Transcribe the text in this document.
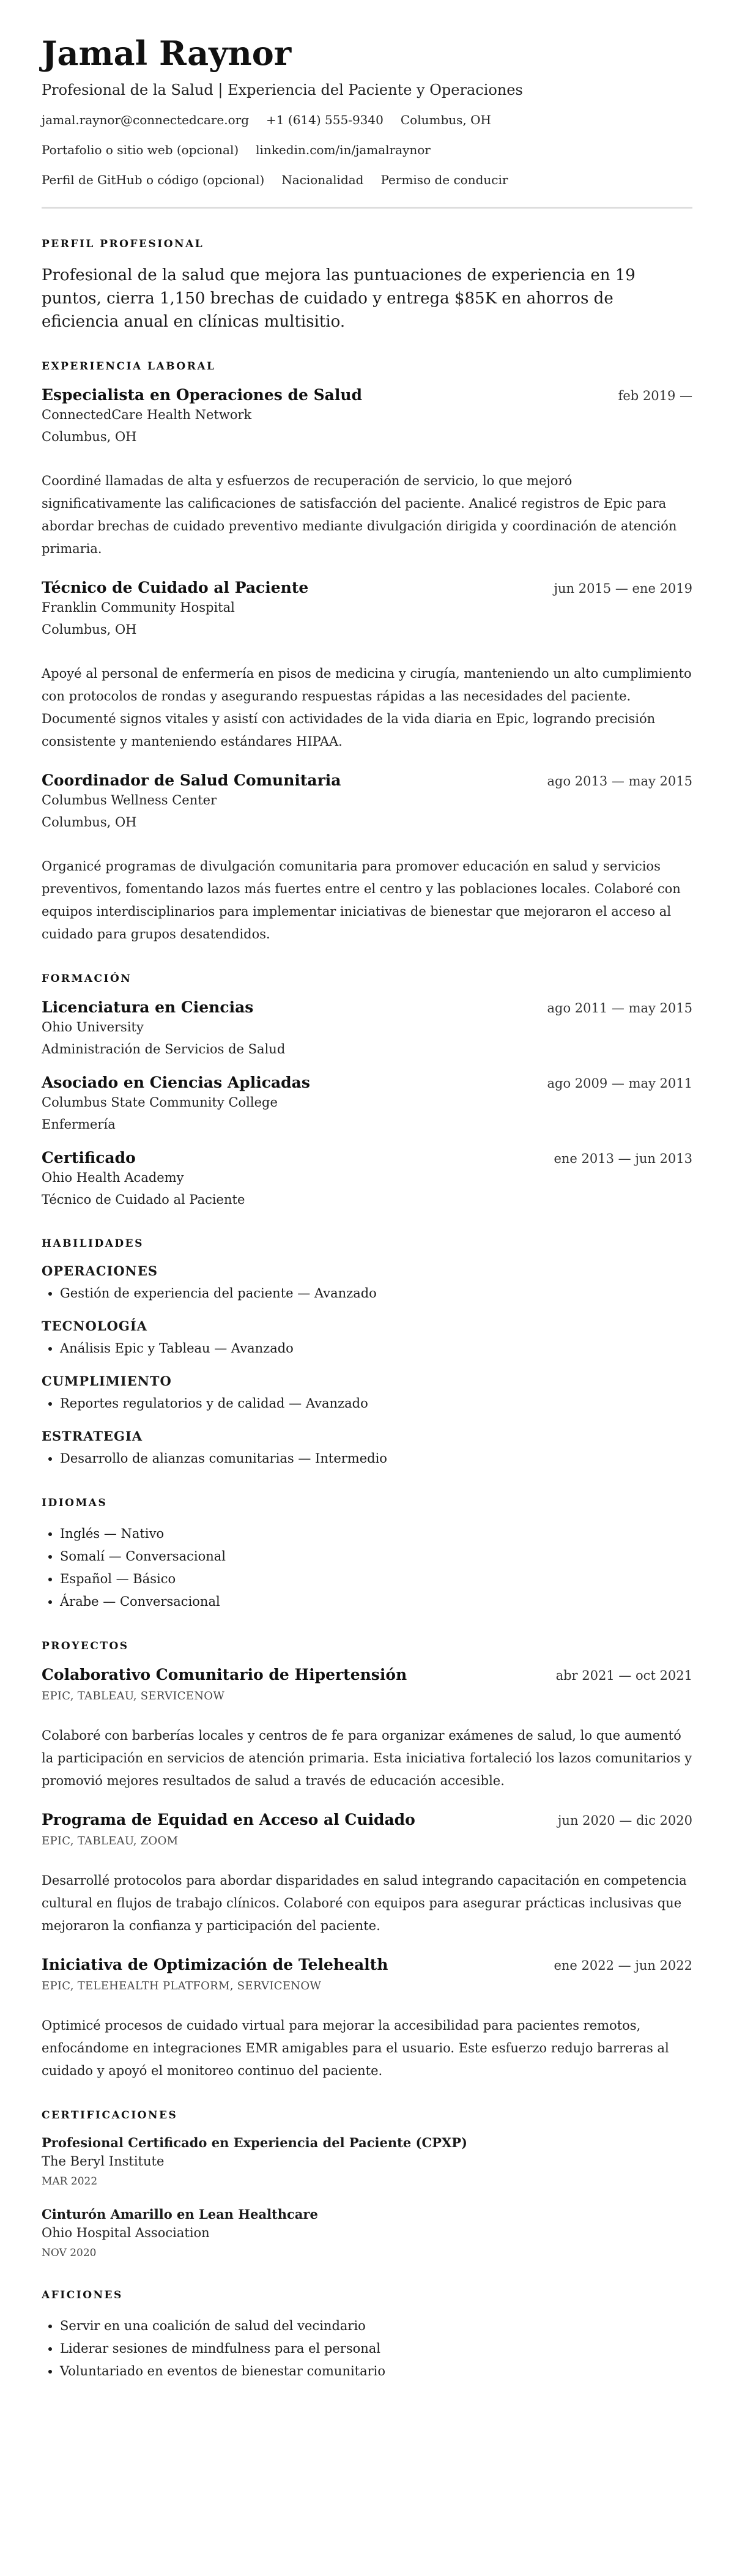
Jamal Raynor
Profesional de la Salud | Experiencia del Paciente y Operaciones
jamal.raynor@connectedcare.org +1 (614) 555-9340 Columbus, OH
Portafolio o sitio web (opcional) linkedin.com/in/jamalraynor
Perfil de GitHub o código (opcional) Nacionalidad Permiso de conducir
PERFIL PROFESIONAL

Profesional de la salud que mejora las puntuaciones de experiencia en 19 puntos, cierra 1,150 brechas de cuidado y entrega $85K en ahorros de eficiencia anual en clínicas multisitio.

EXPERIENCIA LABORAL
Especialista en Operaciones de Salud	feb 2019 —
ConnectedCare Health Network
Columbus, OH

Coordiné llamadas de alta y esfuerzos de recuperación de servicio, lo que mejoró significativamente las calificaciones de satisfacción del paciente. Analicé registros de Epic para abordar brechas de cuidado preventivo mediante divulgación dirigida y coordinación de atención primaria.

Técnico de Cuidado al Paciente	jun 2015 — ene 2019
Franklin Community Hospital
Columbus, OH

Apoyé al personal de enfermería en pisos de medicina y cirugía, manteniendo un alto cumplimiento con protocolos de rondas y asegurando respuestas rápidas a las necesidades del paciente. Documenté signos vitales y asistí con actividades de la vida diaria en Epic, logrando precisión consistente y manteniendo estándares HIPAA.

Coordinador de Salud Comunitaria	ago 2013 — may 2015
Columbus Wellness Center
Columbus, OH

Organicé programas de divulgación comunitaria para promover educación en salud y servicios preventivos, fomentando lazos más fuertes entre el centro y las poblaciones locales. Colaboré con equipos interdisciplinarios para implementar iniciativas de bienestar que mejoraron el acceso al cuidado para grupos desatendidos.

FORMACIÓN
Licenciatura en Ciencias	ago 2011 — may 2015
Ohio University
Administración de Servicios de Salud
Asociado en Ciencias Aplicadas	ago 2009 — may 2011
Columbus State Community College
Enfermería
Certificado	ene 2013 — jun 2013
Ohio Health Academy
Técnico de Cuidado al Paciente
HABILIDADES
OPERACIONES
• Gestión de experiencia del paciente — Avanzado
TECNOLOGÍA
• Análisis Epic y Tableau — Avanzado
CUMPLIMIENTO
• Reportes regulatorios y de calidad — Avanzado
ESTRATEGIA
• Desarrollo de alianzas comunitarias — Intermedio
IDIOMAS
• Inglés — Nativo
• Somalí — Conversacional
• Español — Básico
• Árabe — Conversacional
PROYECTOS
Colaborativo Comunitario de Hipertensión	abr 2021 — oct 2021
EPIC, TABLEAU, SERVICENOW

Colaboré con barberías locales y centros de fe para organizar exámenes de salud, lo que aumentó la participación en servicios de atención primaria. Esta iniciativa fortaleció los lazos comunitarios y promovió mejores resultados de salud a través de educación accesible.

Programa de Equidad en Acceso al Cuidado	jun 2020 — dic 2020
EPIC, TABLEAU, ZOOM

Desarrollé protocolos para abordar disparidades en salud integrando capacitación en competencia cultural en flujos de trabajo clínicos. Colaboré con equipos para asegurar prácticas inclusivas que mejoraron la confianza y participación del paciente.

Iniciativa de Optimización de Telehealth	ene 2022 — jun 2022
EPIC, TELEHEALTH PLATFORM, SERVICENOW

Optimicé procesos de cuidado virtual para mejorar la accesibilidad para pacientes remotos, enfocándome en integraciones EMR amigables para el usuario. Este esfuerzo redujo barreras al cuidado y apoyó el monitoreo continuo del paciente.

CERTIFICACIONES
Profesional Certificado en Experiencia del Paciente (CPXP)
The Beryl Institute
MAR 2022
Cinturón Amarillo en Lean Healthcare
Ohio Hospital Association
NOV 2020
AFICIONES
• Servir en una coalición de salud del vecindario
• Liderar sesiones de mindfulness para el personal
• Voluntariado en eventos de bienestar comunitario
